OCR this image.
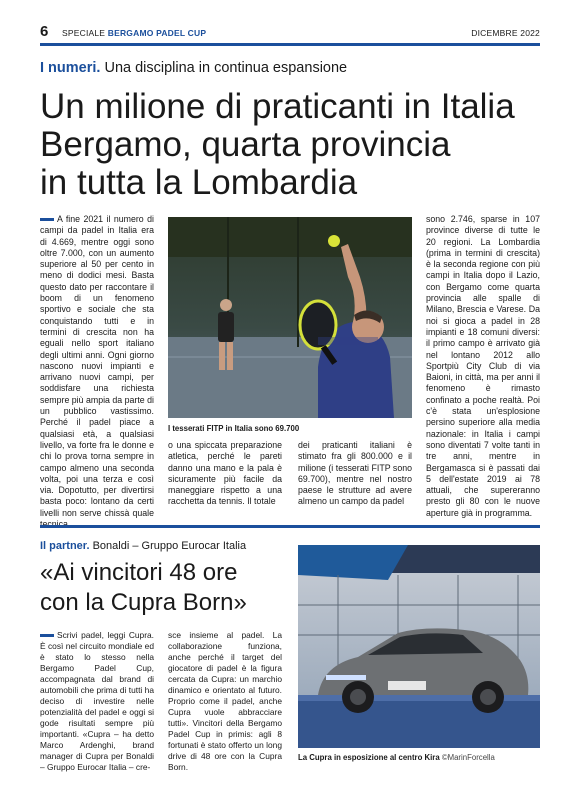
6 SPECIALE BERGAMO PADEL CUP	DICEMBRE 2022
I numeri. Una disciplina in continua espansione
Un milione di praticanti in Italia
Bergamo, quarta provincia
in tutta la Lombardia

A fine 2021 il numero di campi da padel in Italia era di 4.669, mentre oggi sono oltre 7.000, con un aumento superiore al 50 per cento in meno di dodici mesi. Basta questo dato per raccontare il boom di un fenomeno sportivo e sociale che sta conquistando tutti e in termini di crescita non ha eguali nello sport italiano degli ultimi anni. Ogni giorno nascono nuovi impianti e arrivano nuovi campi, per soddisfare una richiesta sempre più ampia da parte di un pubblico vastissimo. Perché il padel piace a qualsiasi età, a qualsiasi livello, va forte fra le donne e chi lo prova torna sempre in campo almeno una seconda volta, poi una terza e così via. Dopotutto, per divertirsi basta poco: lontano da certi livelli non serve chissà quale

I tesserati FITP in Italia sono 69.700

o una spiccata preparazione atletica, perché le pareti danno una mano e la pala è sicuramente più facile da maneggiare rispetto a una racchetta da tennis. Il totale

dei praticanti italiani è stimato fra gli 800.000 e il milione (i tesserati FITP sono 69.700), mentre nel nostro paese le strutture ad avere almeno un campo da padel

sono 2.746, sparse in 107 province diverse di tutte le 20 regioni. La Lombardia (prima in termini di crescita) è la seconda regione con più campi in Italia dopo il Lazio, con Bergamo come quarta provincia alle spalle di Milano, Brescia e Varese. Da noi si gioca a padel in 28 impianti e 18 comuni diversi: il primo campo è arrivato già nel lontano 2012 allo Sportpiù City Club di via Baioni, in città, ma per anni il fenomeno è rimasto confinato a poche realtà. Poi c'è stata un'esplosione persino superiore alla media nazionale: in Italia i campi sono diventati 7 volte tanti in tre anni, mentre in Bergamasca si è passati dai 5 dell'estate 2019 ai 78 attuali, che supereranno presto gli 80 con le nuove aperture già in programma.

Il partner. Bonaldi – Gruppo Eurocar Italia
«Ai vincitori 48 ore
con la Cupra Born»

Scrivi padel, leggi Cupra. È così nel circuito mondiale ed è stato lo stesso nella Bergamo Padel Cup, accompagnata dal brand di automobili che prima di tutti ha deciso di investire nelle potenzialità del padel e oggi si gode risultati sempre più importanti. «Cupra – ha detto Marco Ardenghi, brand manager di Cupra per Bonaldi – Gruppo Eurocar Italia – cre-

sce insieme al padel. La collaborazione funziona, anche perché il target del giocatore di padel è la figura cercata da Cupra: un marchio dinamico e orientato al futuro. Proprio come il padel, anche Cupra vuole abbracciare tutti». Vincitori della Bergamo Padel Cup in primis: agli 8 fortunati è stato offerto un long drive di 48 ore con la Cupra Born.

La Cupra in esposizione al centro Kira ©MarinForcella
